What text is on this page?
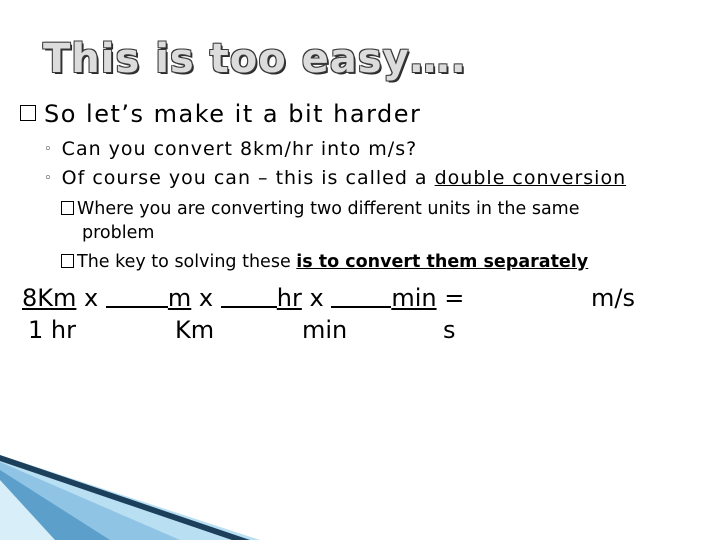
This is too easy….
So let’s make it a bit harder
◦ Can you convert 8km/hr into m/s?
◦ Of course you can – this is called a double conversion
Where you are converting two different units in the same
problem
The key to solving these is to convert them separately
8Km x	m x	hr x	min =	m/s
1 hr	Km	min	s
